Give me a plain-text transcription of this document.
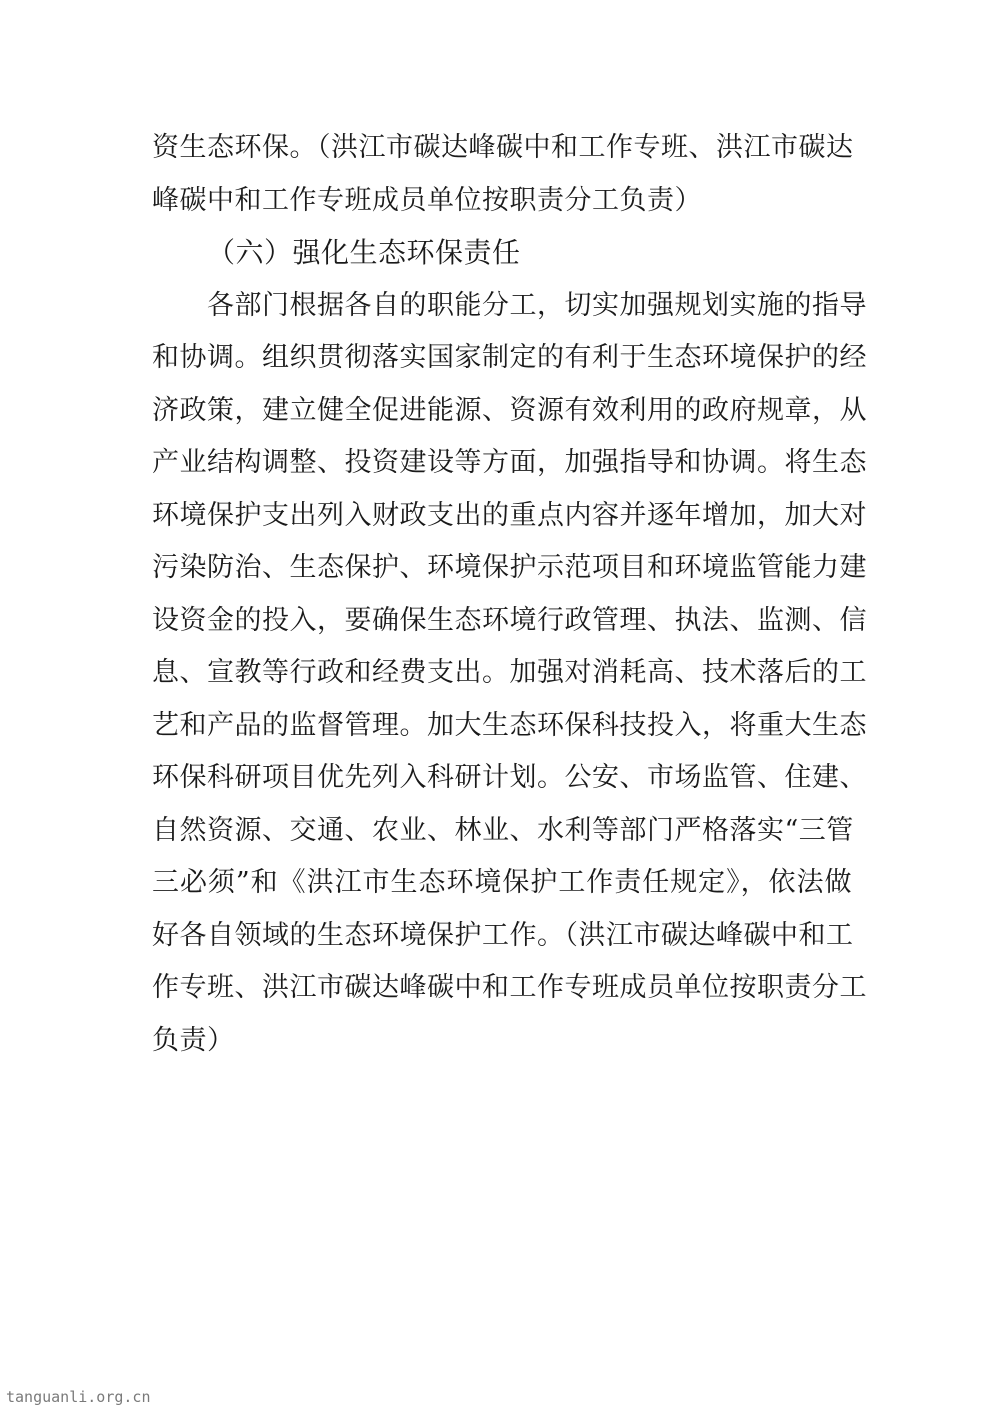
资生态环保。（洪江市碳达峰碳中和工作专班、洪江市碳达
峰碳中和工作专班成员单位按职责分工负责）
（六）强化生态环保责任
各部门根据各自的职能分工，切实加强规划实施的指导
和协调。组织贯彻落实国家制定的有利于生态环境保护的经
济政策，建立健全促进能源、资源有效利用的政府规章，从
产业结构调整、投资建设等方面，加强指导和协调。将生态
环境保护支出列入财政支出的重点内容并逐年增加，加大对
污染防治、生态保护、环境保护示范项目和环境监管能力建
设资金的投入，要确保生态环境行政管理、执法、监测、信
息、宣教等行政和经费支出。加强对消耗高、技术落后的工
艺和产品的监督管理。加大生态环保科技投入，将重大生态
环保科研项目优先列入科研计划。公安、市场监管、住建、
自然资源、交通、农业、林业、水利等部门严格落实“三管
三必须”和《洪江市生态环境保护工作责任规定》，依法做
好各自领域的生态环境保护工作。（洪江市碳达峰碳中和工
作专班、洪江市碳达峰碳中和工作专班成员单位按职责分工
负责）
tanguanli.org.cn
